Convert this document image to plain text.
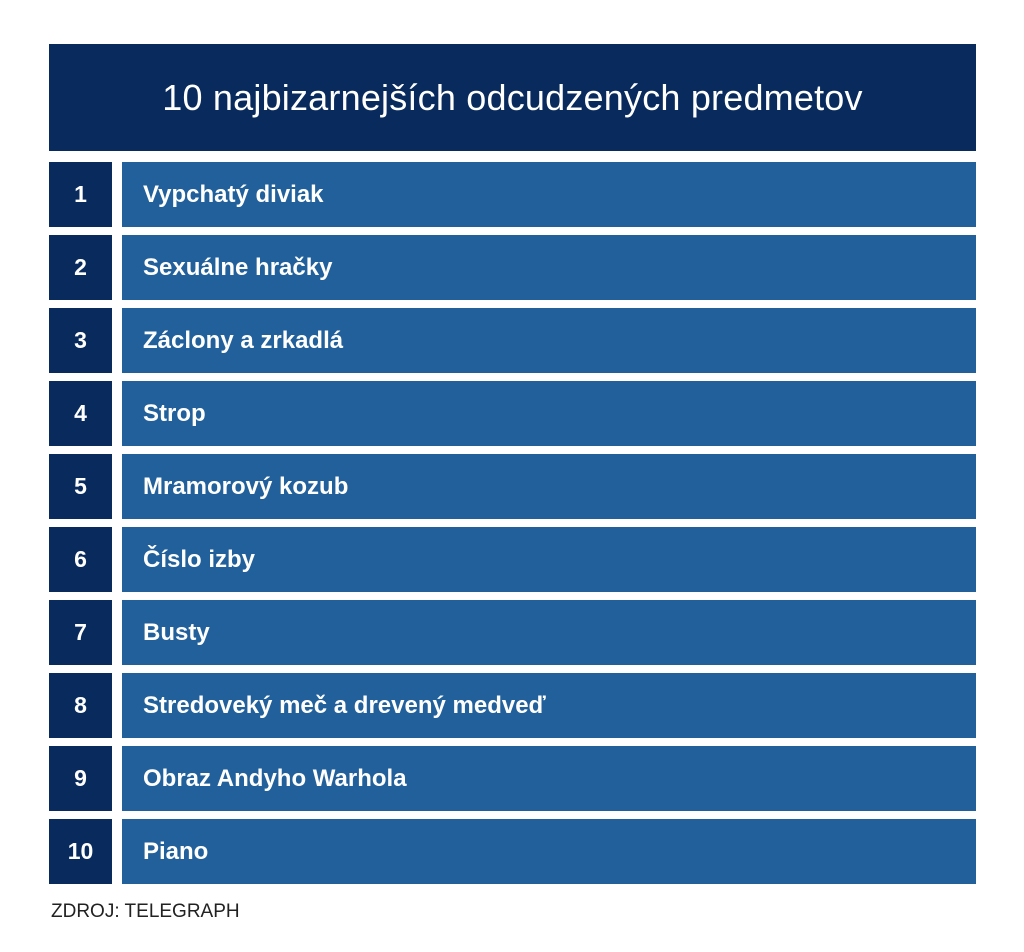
10 najbizarnejších odcudzených predmetov
1	Vypchatý diviak
2	Sexuálne hračky
3	Záclony a zrkadlá
4	Strop
5	Mramorový kozub
6	Číslo izby
7	Busty
8	Stredoveký meč a drevený medveď
9	Obraz Andyho Warhola
10	Piano
ZDROJ: TELEGRAPH
